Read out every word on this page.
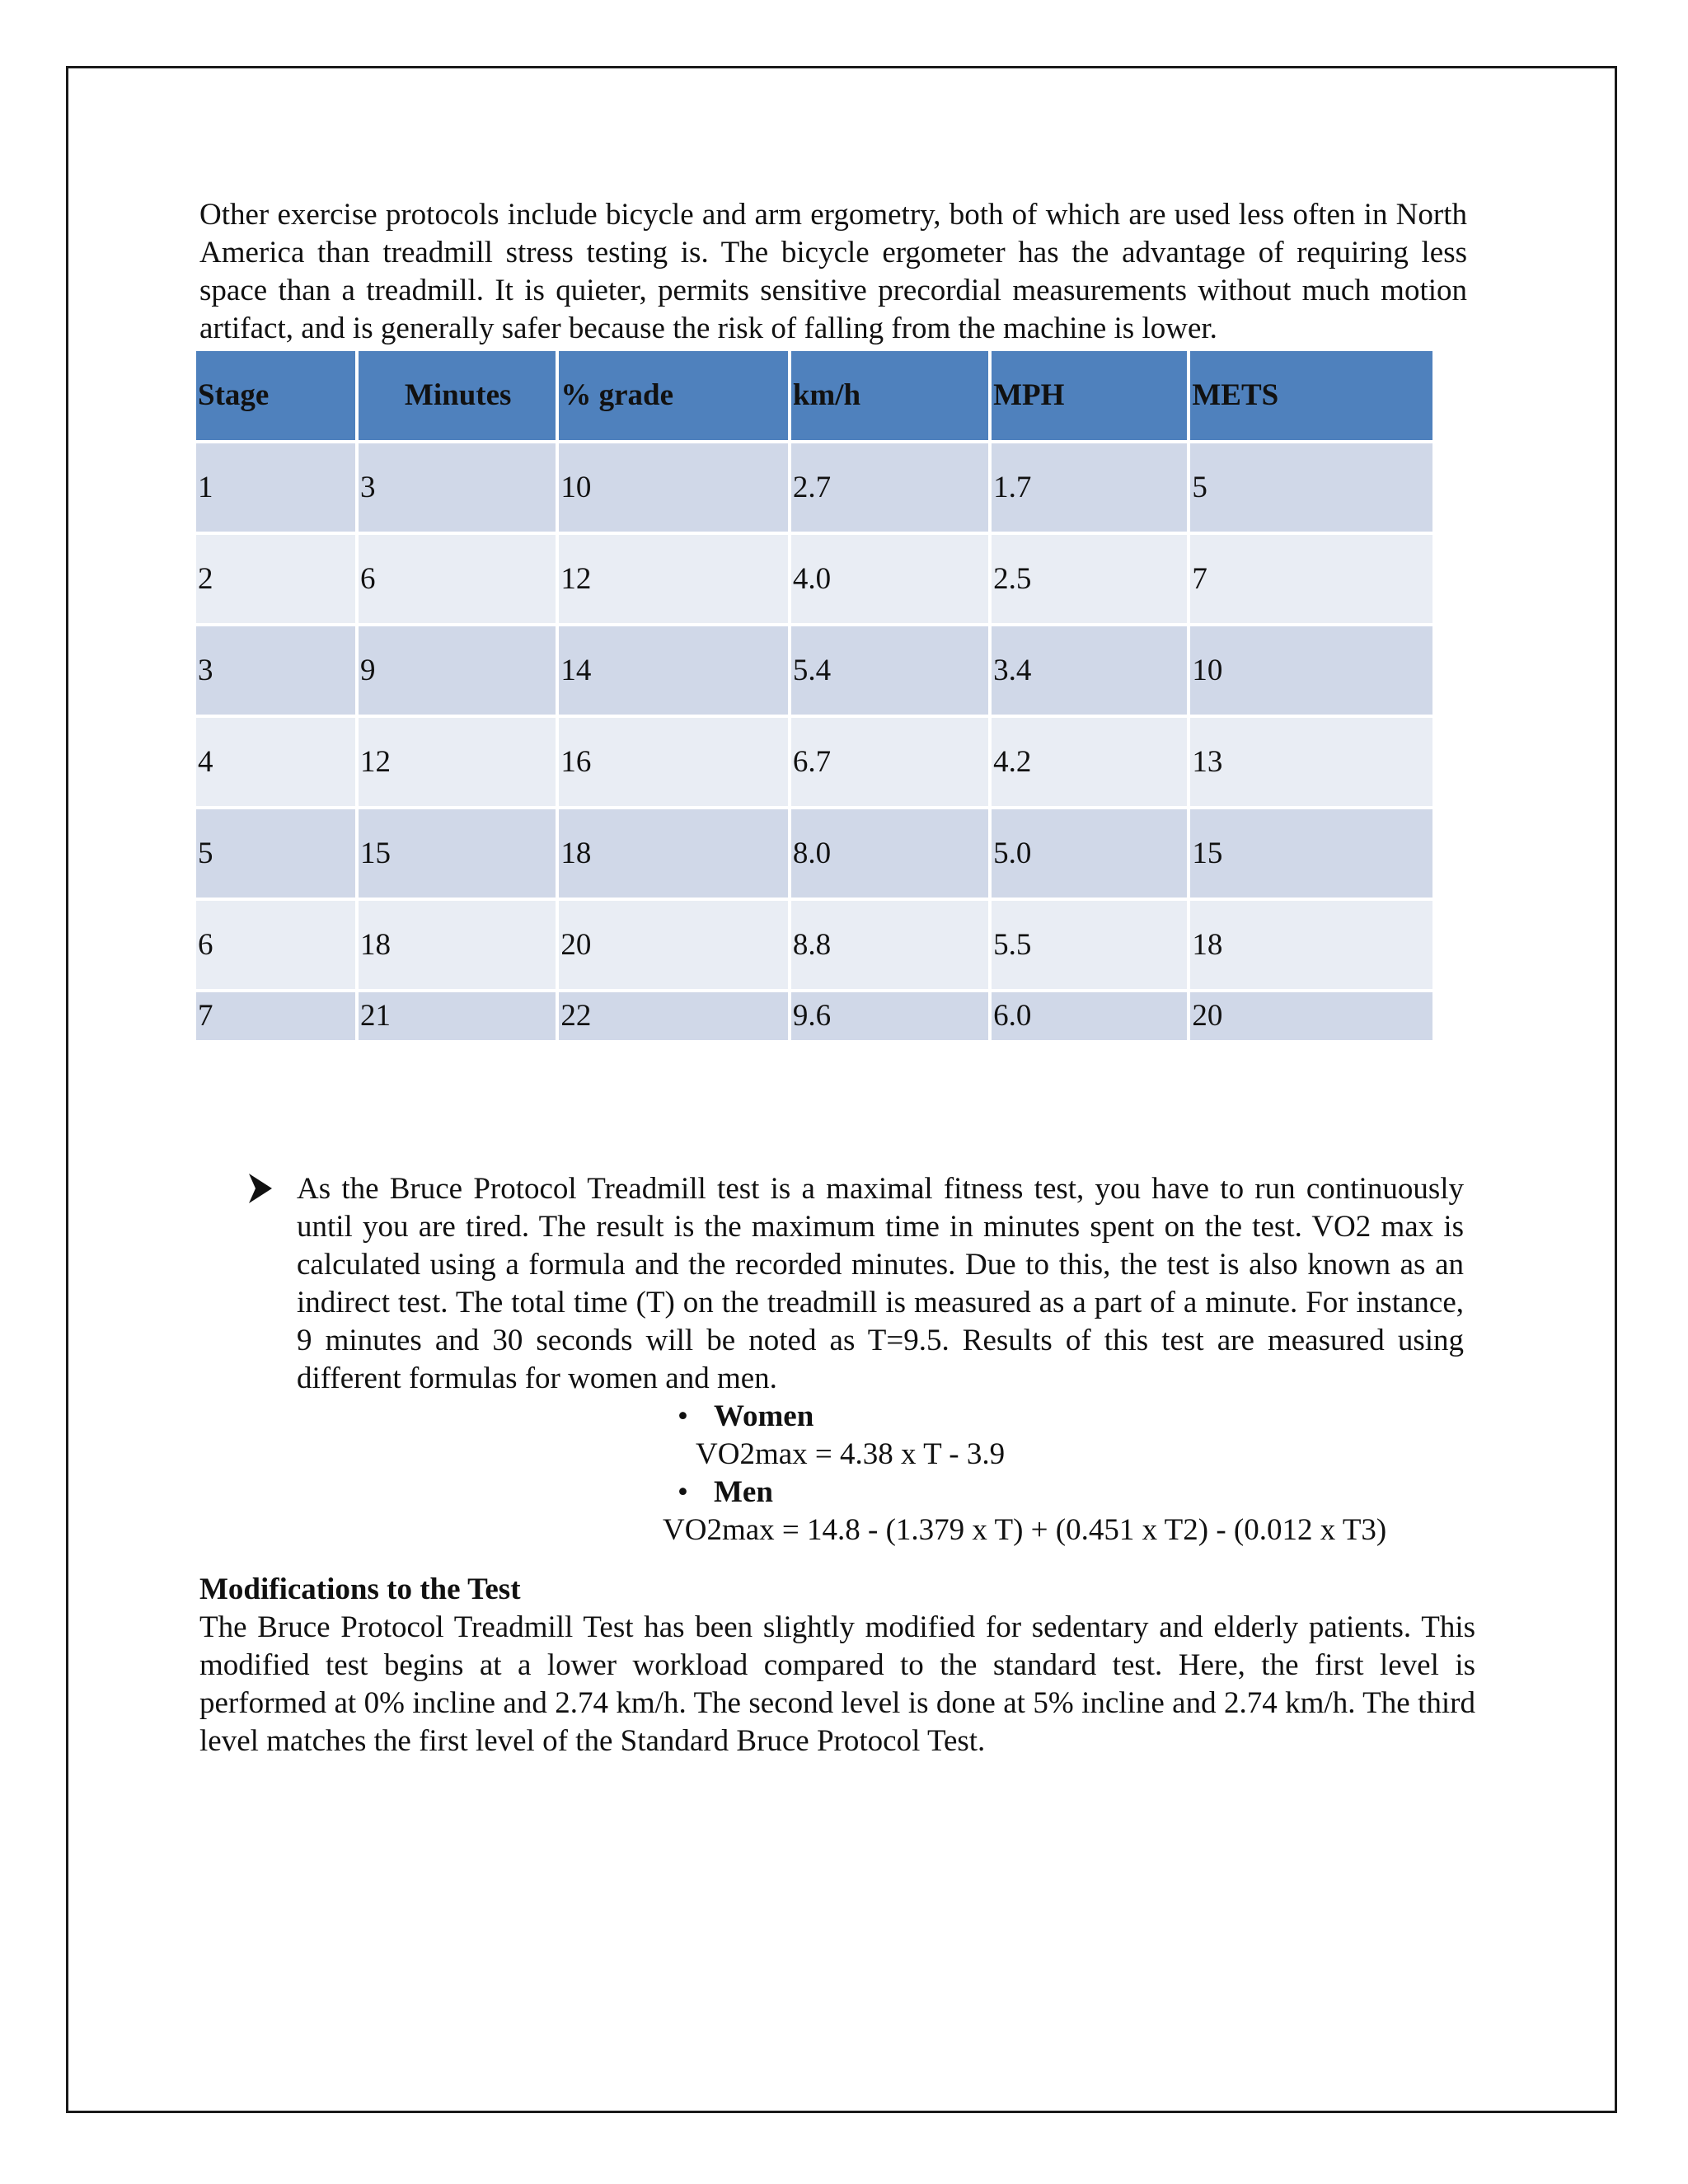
Other exercise protocols include bicycle and arm ergometry, both of which are used less often in North America than treadmill stress testing is. The bicycle ergometer has the advantage of requiring less space than a treadmill. It is quieter, permits sensitive precordial measurements without much motion artifact, and is generally safer because the risk of falling from the machine is lower.

Stage	Minutes	% grade	km/h	MPH	METS
1	3	10	2.7	1.7	5
2	6	12	4.0	2.5	7
3	9	14	5.4	3.4	10
4	12	16	6.7	4.2	13
5	15	18	8.0	5.0	15
6	18	20	8.8	5.5	18
7	21	22	9.6	6.0	20

As the Bruce Protocol Treadmill test is a maximal fitness test, you have to run continuously until you are tired. The result is the maximum time in minutes spent on the test. VO2 max is calculated using a formula and the recorded minutes. Due to this, the test is also known as an indirect test. The total time (T) on the treadmill is measured as a part of a minute. For instance, 9 minutes and 30 seconds will be noted as T=9.5. Results of this test are measured using different formulas for women and men.

• Women
VO2max = 4.38 x T - 3.9
• Men
VO2max = 14.8 - (1.379 x T) + (0.451 x T2) - (0.012 x T3)

Modifications to the Test

The Bruce Protocol Treadmill Test has been slightly modified for sedentary and elderly patients. This modified test begins at a lower workload compared to the standard test. Here, the first level is performed at 0% incline and 2.74 km/h. The second level is done at 5% incline and 2.74 km/h. The third level matches the first level of the Standard Bruce Protocol Test.
